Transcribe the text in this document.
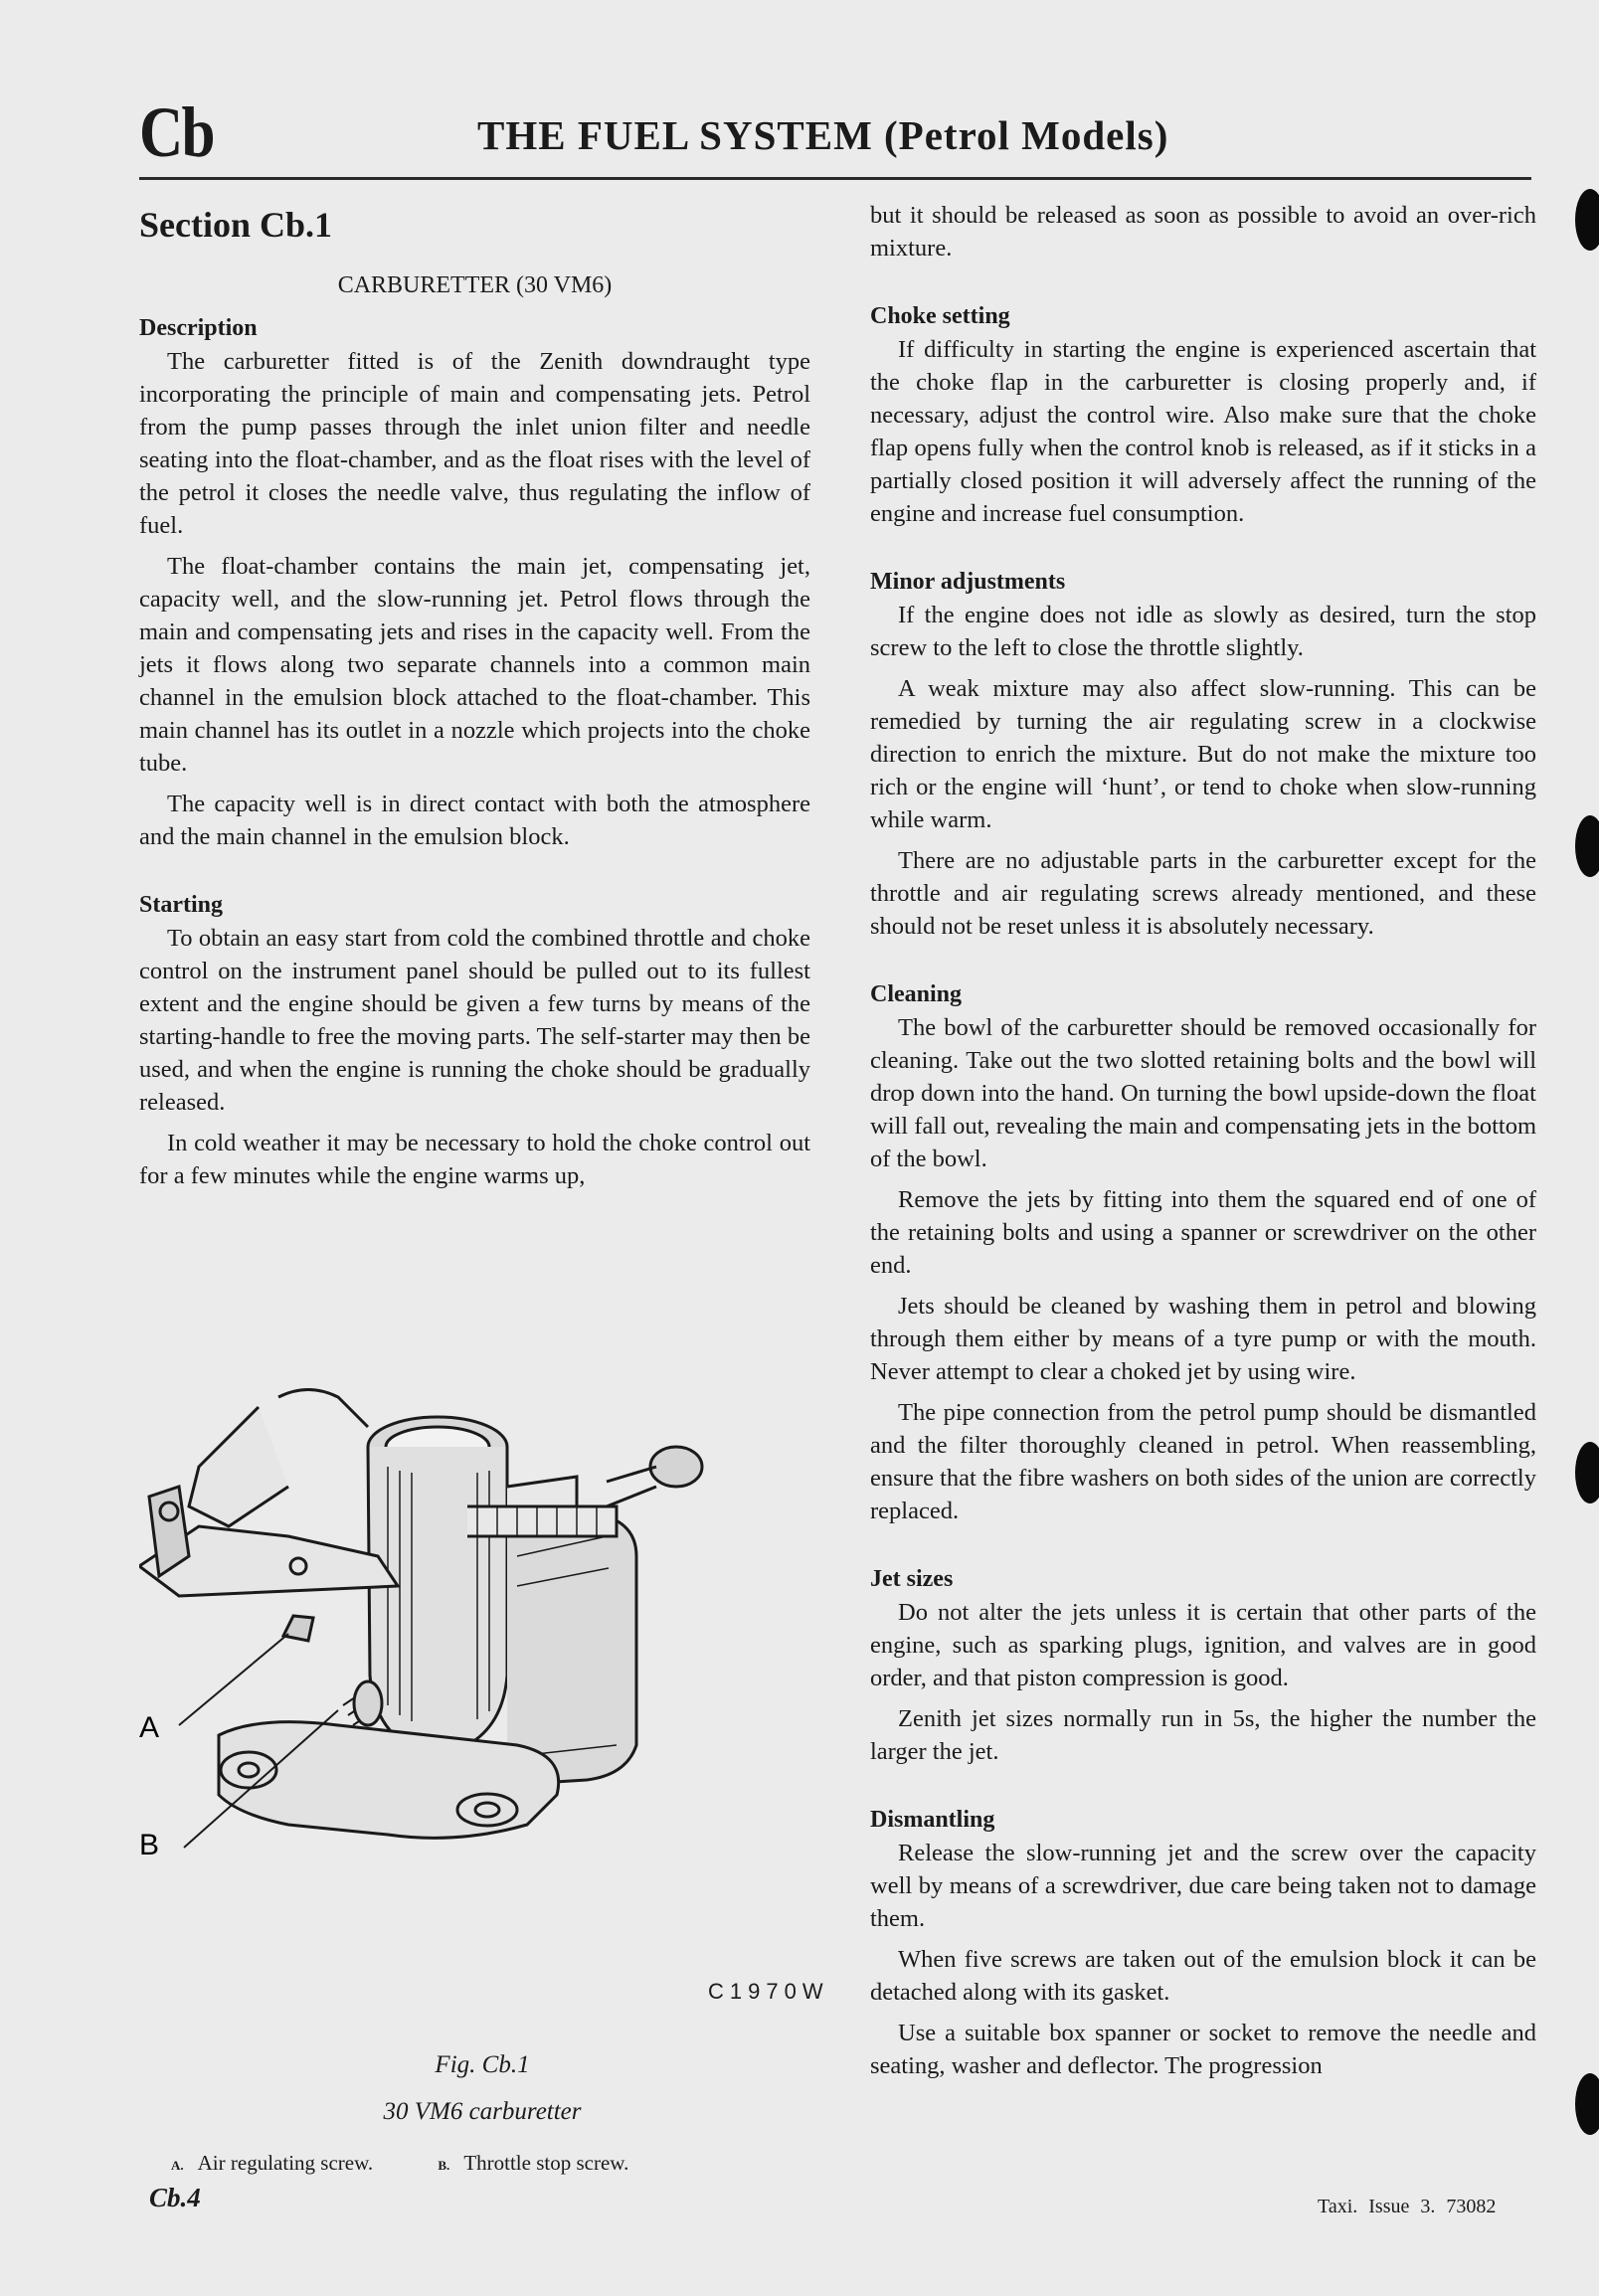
Cb	THE FUEL SYSTEM (Petrol Models)
Section Cb.1
CARBURETTER (30 VM6)
Description

The carburetter fitted is of the Zenith downdraught type incorporating the principle of main and compensating jets. Petrol from the pump passes through the inlet union filter and needle seating into the float-chamber, and as the float rises with the level of the petrol it closes the needle valve, thus regulating the inflow of fuel.

The float-chamber contains the main jet, compensating jet, capacity well, and the slow-running jet. Petrol flows through the main and compensating jets and rises in the capacity well. From the jets it flows along two separate channels into a common main channel in the emulsion block attached to the float-chamber. This main channel has its outlet in a nozzle which projects into the choke tube.

The capacity well is in direct contact with both the atmosphere and the main channel in the emulsion block.

Starting

To obtain an easy start from cold the combined throttle and choke control on the instrument panel should be pulled out to its fullest extent and the engine should be given a few turns by means of the starting-handle to free the moving parts. The self-starter may then be used, and when the engine is running the choke should be gradually released.

In cold weather it may be necessary to hold the choke control out for a few minutes while the engine warms up,

A
B
C1970W
Fig. Cb.1
30 VM6 carburetter
A. Air regulating screw.	B. Throttle stop screw.

but it should be released as soon as possible to avoid an over-rich mixture.

Choke setting

If difficulty in starting the engine is experienced ascertain that the choke flap in the carburetter is closing properly and, if necessary, adjust the control wire. Also make sure that the choke flap opens fully when the control knob is released, as if it sticks in a partially closed position it will adversely affect the running of the engine and increase fuel consumption.

Minor adjustments

If the engine does not idle as slowly as desired, turn the stop screw to the left to close the throttle slightly.

A weak mixture may also affect slow-running. This can be remedied by turning the air regulating screw in a clockwise direction to enrich the mixture. But do not make the mixture too rich or the engine will ‘hunt’, or tend to choke when slow-running while warm.

There are no adjustable parts in the carburetter except for the throttle and air regulating screws already mentioned, and these should not be reset unless it is absolutely necessary.

Cleaning

The bowl of the carburetter should be removed occasionally for cleaning. Take out the two slotted retaining bolts and the bowl will drop down into the hand. On turning the bowl upside-down the float will fall out, revealing the main and compensating jets in the bottom of the bowl.

Remove the jets by fitting into them the squared end of one of the retaining bolts and using a spanner or screwdriver on the other end.

Jets should be cleaned by washing them in petrol and blowing through them either by means of a tyre pump or with the mouth. Never attempt to clear a choked jet by using wire.

The pipe connection from the petrol pump should be dismantled and the filter thoroughly cleaned in petrol. When reassembling, ensure that the fibre washers on both sides of the union are correctly replaced.

Jet sizes

Do not alter the jets unless it is certain that other parts of the engine, such as sparking plugs, ignition, and valves are in good order, and that piston compression is good.

Zenith jet sizes normally run in 5s, the higher the number the larger the jet.

Dismantling

Release the slow-running jet and the screw over the capacity well by means of a screwdriver, due care being taken not to damage them.

When five screws are taken out of the emulsion block it can be detached along with its gasket.

Use a suitable box spanner or socket to remove the needle and seating, washer and deflector. The progression

Cb.4	Taxi. Issue 3. 73082
